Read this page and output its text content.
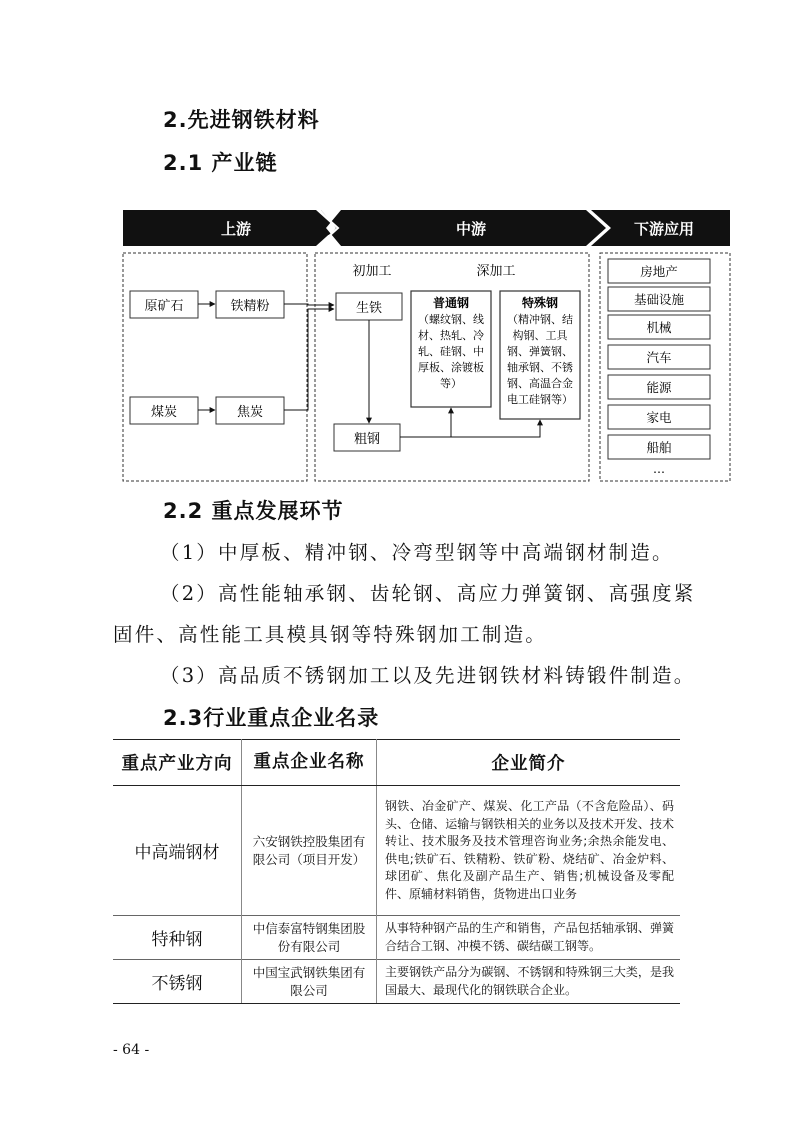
2.先进钢铁材料
2.1 产业链
上游	中游	下游应用
原矿石	铁精粉
煤炭	焦炭
初加工	深加工
生铁
粗钢
普通钢
（螺纹钢、线
材、热轧、冷
轧、硅钢、中
厚板、涂镀板
等）
特殊钢
（精冲钢、结
构钢、工具
钢、弹簧钢、
轴承钢、不锈
钢、高温合金
电工硅钢等）
房地产
基础设施
机械
汽车
能源
家电
船舶
…
2.2 重点发展环节
（1）中厚板、精冲钢、冷弯型钢等中高端钢材制造。
（2）高性能轴承钢、齿轮钢、高应力弹簧钢、高强度紧
固件、高性能工具模具钢等特殊钢加工制造。
（3）高品质不锈钢加工以及先进钢铁材料铸锻件制造。
2.3行业重点企业名录
重点产业方向	重点企业名称	企业简介
中高端钢材	六安钢铁控股集团有限公司（项目开发）	钢铁、冶金矿产、煤炭、化工产品（不含危险品）、码头、仓储、运输与钢铁相关的业务以及技术开发、技术转让、技术服务及技术管理咨询业务;余热余能发电、供电;铁矿石、铁精粉、铁矿粉、烧结矿、冶金炉料、球团矿、焦化及副产品生产、销售;机械设备及零配件、原辅材料销售，货物进出口业务
特种钢	中信泰富特钢集团股份有限公司	从事特种钢产品的生产和销售，产品包括轴承钢、弹簧合结合工钢、冲模不锈、碳结碳工钢等。
不锈钢	中国宝武钢铁集团有限公司	主要钢铁产品分为碳钢、不锈钢和特殊钢三大类，是我国最大、最现代化的钢铁联合企业。
- 64 -
